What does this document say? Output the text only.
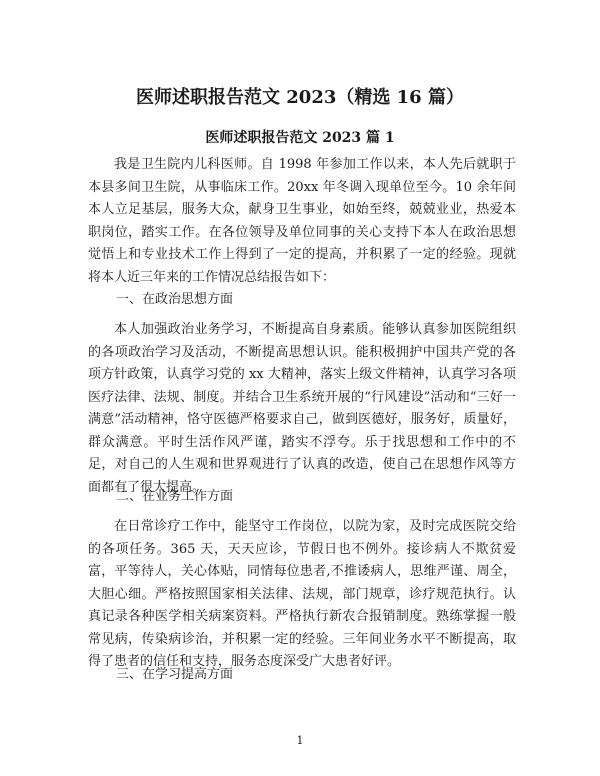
医师述职报告范文 2023（精选 16 篇）
医师述职报告范文 2023 篇 1

我是卫生院内儿科医师。自 1998 年参加工作以来，本人先后就职于本县多间卫生院，从事临床工作。20xx 年冬调入现单位至今。10 余年间本人立足基层，服务大众，献身卫生事业，如始至终，兢兢业业，热爱本职岗位，踏实工作。在各位领导及单位同事的关心支持下本人在政治思想觉悟上和专业技术工作上得到了一定的提高，并积累了一定的经验。现就将本人近三年来的工作情况总结报告如下：

一、在政治思想方面

本人加强政治业务学习，不断提高自身素质。能够认真参加医院组织的各项政治学习及活动，不断提高思想认识。能积极拥护中国共产党的各项方针政策，认真学习党的 xx 大精神，落实上级文件精神，认真学习各项医疗法律、法规、制度。并结合卫生系统开展的“行风建设”活动和“三好一满意”活动精神，恪守医德严格要求自己，做到医德好，服务好，质量好，群众满意。平时生活作风严谨，踏实不浮夸。乐于找思想和工作中的不足，对自己的人生观和世界观进行了认真的改造，使自己在思想作风等方面都有了很大提高。

二、在业务工作方面

在日常诊疗工作中，能坚守工作岗位，以院为家，及时完成医院交给的各项任务。365 天，天天应诊，节假日也不例外。接诊病人不欺贫爱富，平等待人，关心体贴，同情每位患者,不推诿病人，思维严谨、周全，大胆心细。严格按照国家相关法律、法规，部门规章，诊疗规范执行。认真记录各种医学相关病案资料。严格执行新农合报销制度。熟练掌握一般常见病，传染病诊治，并积累一定的经验。三年间业务水平不断提高，取得了患者的信任和支持，服务态度深受广大患者好评。

三、在学习提高方面

1
